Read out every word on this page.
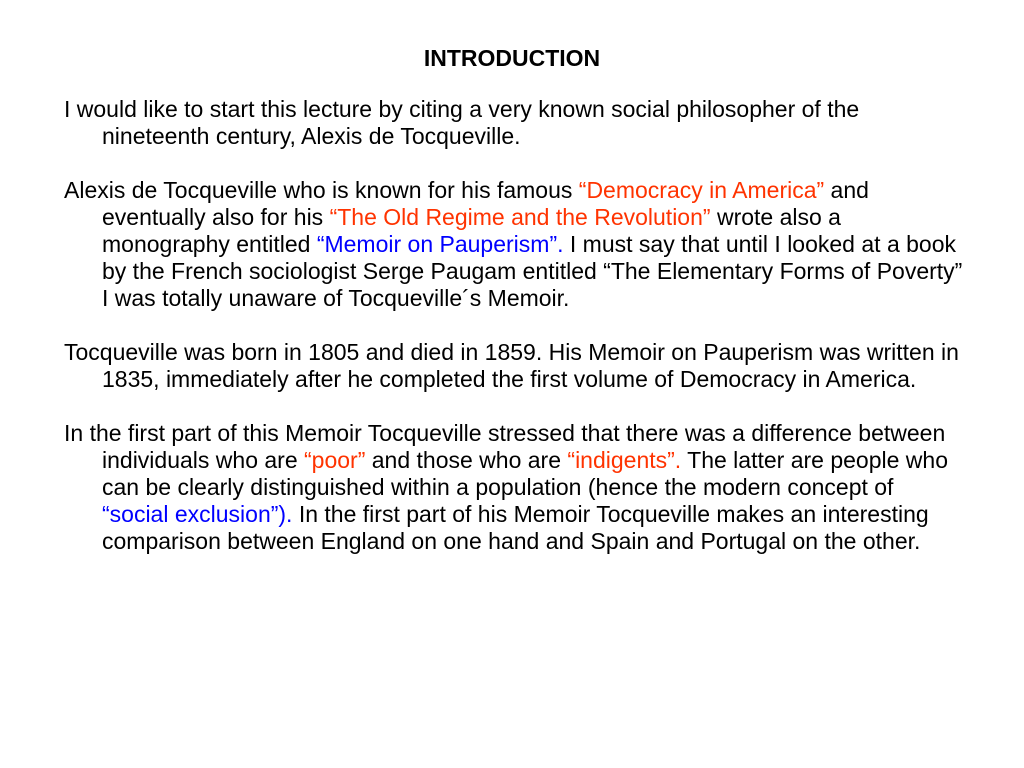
INTRODUCTION

I would like to start this lecture by citing a very known social philosopher of the nineteenth century, Alexis de Tocqueville.

Alexis de Tocqueville who is known for his famous “Democracy in America” and eventually also for his “The Old Regime and the Revolution” wrote also a monography entitled “Memoir on Pauperism”. I must say that until I looked at a book by the French sociologist Serge Paugam entitled “The Elementary Forms of Poverty” I was totally unaware of Tocqueville´s Memoir.

Tocqueville was born in 1805 and died in 1859. His Memoir on Pauperism was written in 1835, immediately after he completed the first volume of Democracy in America.

In the first part of this Memoir Tocqueville stressed that there was a difference between individuals who are “poor” and those who are “indigents”. The latter are people who can be clearly distinguished within a population (hence the modern concept of “social exclusion”). In the first part of his Memoir Tocqueville makes an interesting comparison between England on one hand and Spain and Portugal on the other.
